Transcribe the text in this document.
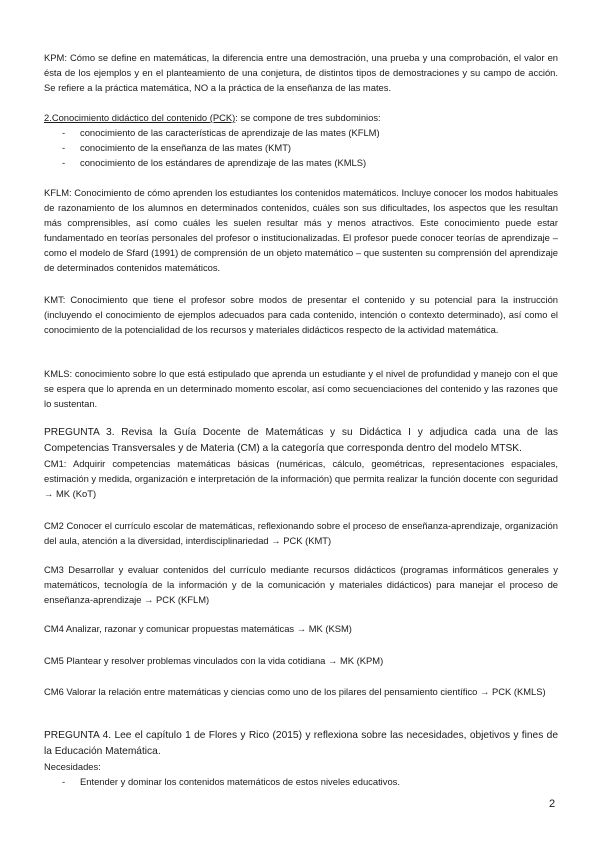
KPM: Cómo se define en matemáticas, la diferencia entre una demostración, una prueba y una comprobación, el valor en ésta de los ejemplos y en el planteamiento de una conjetura, de distintos tipos de demostraciones y su campo de acción. Se refiere a la práctica matemática, NO a la práctica de la enseñanza de las mates.

2.Conocimiento didáctico del contenido (PCK): se compone de tres subdominios:

- conocimiento de las características de aprendizaje de las mates (KFLM)
- conocimiento de la enseñanza de las mates (KMT)
- conocimiento de los estándares de aprendizaje de las mates (KMLS)

KFLM: Conocimiento de cómo aprenden los estudiantes los contenidos matemáticos. Incluye conocer los modos habituales de razonamiento de los alumnos en determinados contenidos, cuáles son sus dificultades, los aspectos que les resultan más comprensibles, así como cuáles les suelen resultar más y menos atractivos. Este conocimiento puede estar fundamentado en teorías personales del profesor o institucionalizadas. El profesor puede conocer teorías de aprendizaje – como el modelo de Sfard (1991) de comprensión de un objeto matemático – que sustenten su comprensión del aprendizaje de determinados contenidos matemáticos.

KMT: Conocimiento que tiene el profesor sobre modos de presentar el contenido y su potencial para la instrucción (incluyendo el conocimiento de ejemplos adecuados para cada contenido, intención o contexto determinado), así como el conocimiento de la potencialidad de los recursos y materiales didácticos respecto de la actividad matemática.

KMLS: conocimiento sobre lo que está estipulado que aprenda un estudiante y el nivel de profundidad y manejo con el que se espera que lo aprenda en un determinado momento escolar, así como secuenciaciones del contenido y las razones que lo sustentan.

PREGUNTA 3. Revisa la Guía Docente de Matemáticas y su Didáctica I y adjudica cada una de las Competencias Transversales y de Materia (CM) a la categoría que corresponda dentro del modelo MTSK.

CM1: Adquirir competencias matemáticas básicas (numéricas, cálculo, geométricas, representaciones espaciales, estimación y medida, organización e interpretación de la información) que permita realizar la función docente con seguridad → MK (KoT)

CM2 Conocer el currículo escolar de matemáticas, reflexionando sobre el proceso de enseñanza-aprendizaje, organización del aula, atención a la diversidad, interdisciplinariedad → PCK (KMT)

CM3 Desarrollar y evaluar contenidos del currículo mediante recursos didácticos (programas informáticos generales y matemáticos, tecnología de la información y de la comunicación y materiales didácticos) para manejar el proceso de enseñanza-aprendizaje → PCK (KFLM)

CM4 Analizar, razonar y comunicar propuestas matemáticas → MK (KSM)

CM5 Plantear y resolver problemas vinculados con la vida cotidiana → MK (KPM)

CM6 Valorar la relación entre matemáticas y ciencias como uno de los pilares del pensamiento científico → PCK (KMLS)

PREGUNTA 4. Lee el capítulo 1 de Flores y Rico (2015) y reflexiona sobre las necesidades, objetivos y fines de la Educación Matemática.

Necesidades:

- Entender y dominar los contenidos matemáticos de estos niveles educativos.
2
